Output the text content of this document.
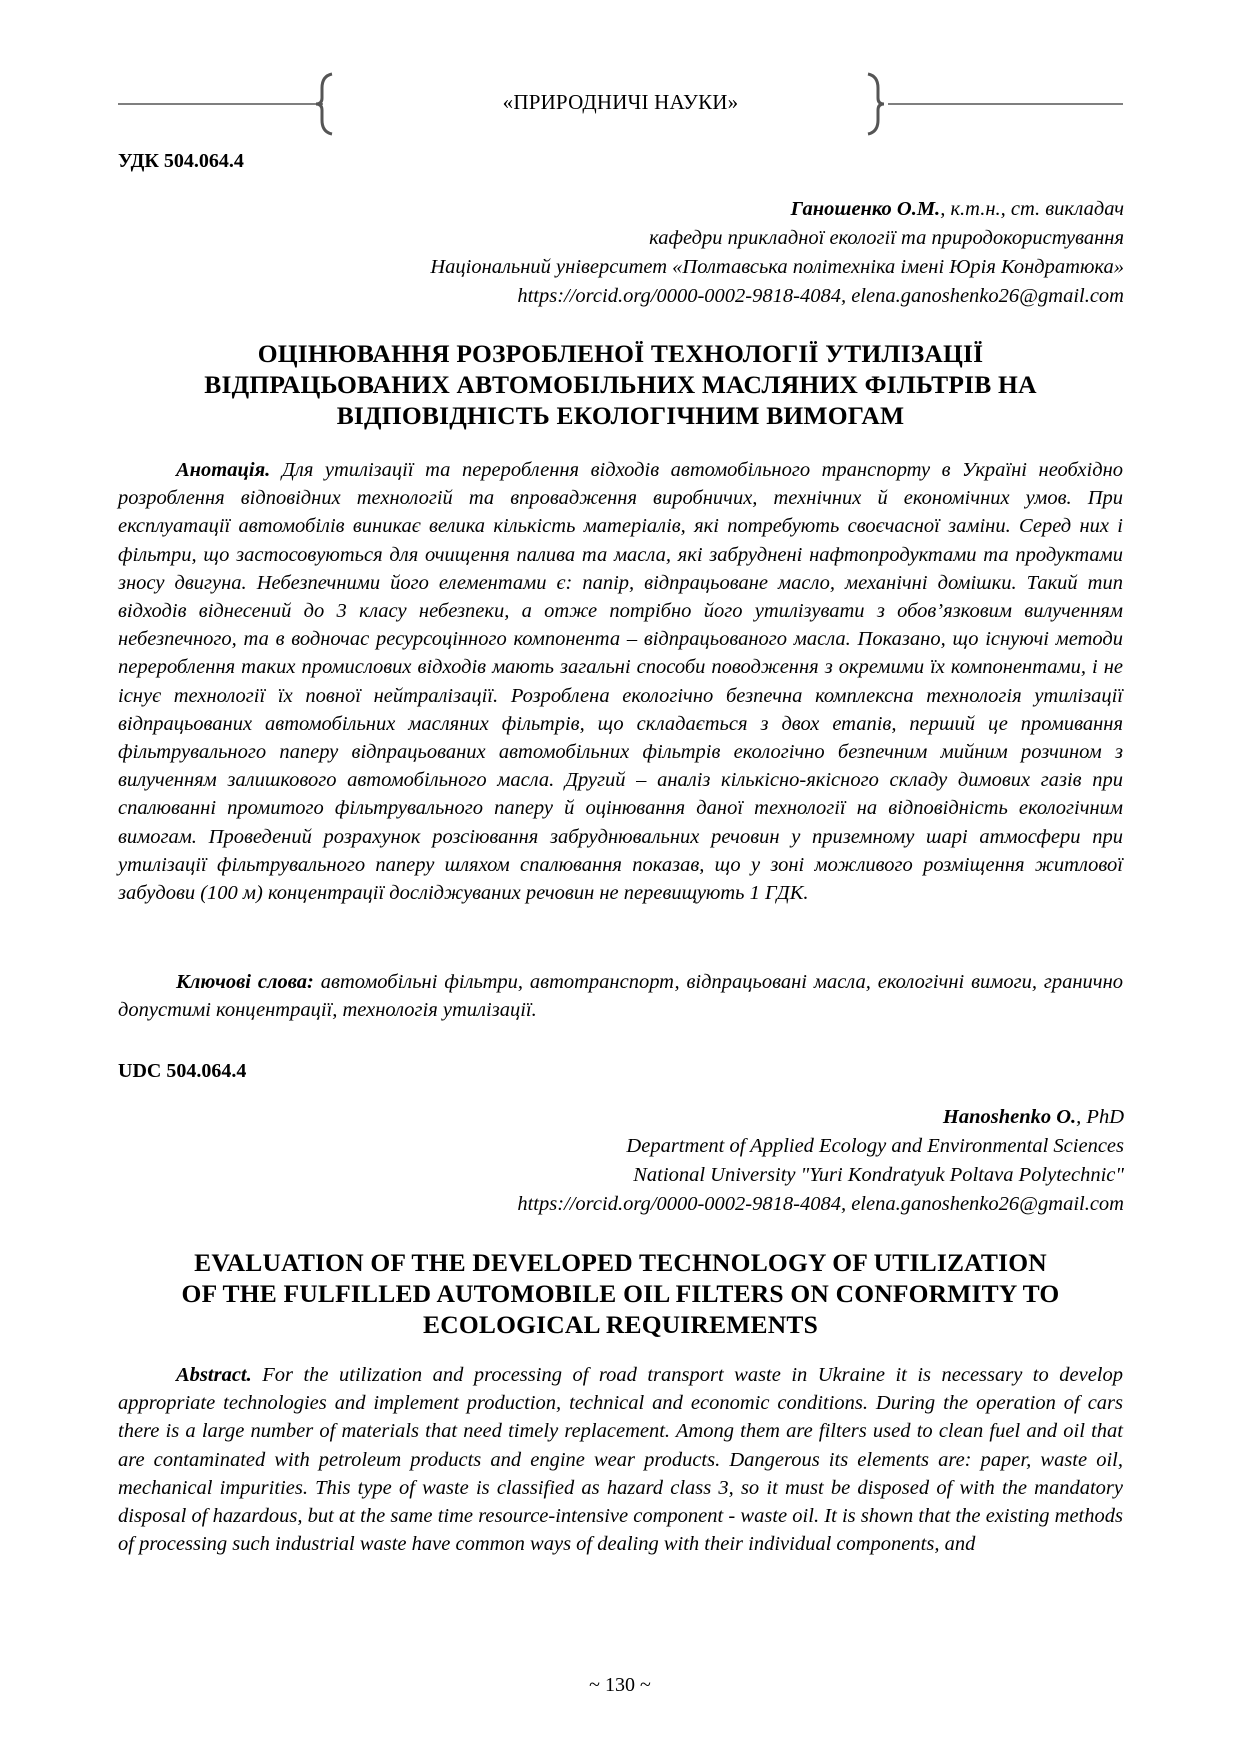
«ПРИРОДНИЧІ НАУКИ»
УДК 504.064.4
Ганошенко О.М., к.т.н., ст. викладач
кафедри прикладної екології та природокористування
Національний університет «Полтавська політехніка імені Юрія Кондратюка»
https://orcid.org/0000-0002-9818-4084, elena.ganoshenko26@gmail.com
ОЦІНЮВАННЯ РОЗРОБЛЕНОЇ ТЕХНОЛОГІЇ УТИЛІЗАЦІЇ
ВІДПРАЦЬОВАНИХ АВТОМОБІЛЬНИХ МАСЛЯНИХ ФІЛЬТРІВ НА
ВІДПОВІДНІСТЬ ЕКОЛОГІЧНИМ ВИМОГАМ

Анотація. Для утилізації та перероблення відходів автомобільного транспорту в Україні необхідно розроблення відповідних технологій та впровадження виробничих, технічних й економічних умов. При експлуатації автомобілів виникає велика кількість матеріалів, які потребують своєчасної заміни. Серед них і фільтри, що застосовуються для очищення палива та масла, які забруднені нафтопродуктами та продуктами зносу двигуна. Небезпечними його елементами є: папір, відпрацьоване масло, механічні домішки. Такий тип відходів віднесений до 3 класу небезпеки, а отже потрібно його утилізувати з обов’язковим вилученням небезпечного, та в водночас ресурсоцінного компонента – відпрацьованого масла. Показано, що існуючі методи перероблення таких промислових відходів мають загальні способи поводження з окремими їх компонентами, і не існує технології їх повної нейтралізації. Розроблена екологічно безпечна комплексна технологія утилізації відпрацьованих автомобільних масляних фільтрів, що складається з двох етапів, перший це промивання фільтрувального паперу відпрацьованих автомобільних фільтрів екологічно безпечним мийним розчином з вилученням залишкового автомобільного масла. Другий – аналіз кількісно-якісного складу димових газів при спалюванні промитого фільтрувального паперу й оцінювання даної технології на відповідність екологічним вимогам. Проведений розрахунок розсіювання забруднювальних речовин у приземному шарі атмосфери при утилізації фільтрувального паперу шляхом спалювання показав, що у зоні можливого розміщення житлової забудови (100 м) концентрації досліджуваних речовин не перевищують 1 ГДК.

Ключові слова: автомобільні фільтри, автотранспорт, відпрацьовані масла, екологічні вимоги, гранично допустимі концентрації, технологія утилізації.

UDC 504.064.4
Hanoshenko O., PhD
Department of Applied Ecology and Environmental Sciences
National University "Yuri Kondratyuk Poltava Polytechnic"
https://orcid.org/0000-0002-9818-4084, elena.ganoshenko26@gmail.com
EVALUATION OF THE DEVELOPED TECHNOLOGY OF UTILIZATION
OF THE FULFILLED AUTOMOBILE OIL FILTERS ON CONFORMITY TO
ECOLOGICAL REQUIREMENTS

Abstract. For the utilization and processing of road transport waste in Ukraine it is necessary to develop appropriate technologies and implement production, technical and economic conditions. During the operation of cars there is a large number of materials that need timely replacement. Among them are filters used to clean fuel and oil that are contaminated with petroleum products and engine wear products. Dangerous its elements are: paper, waste oil, mechanical impurities. This type of waste is classified as hazard class 3, so it must be disposed of with the mandatory disposal of hazardous, but at the same time resource-intensive component - waste oil. It is shown that the existing methods of processing such industrial waste have common ways of dealing with their individual components, and

~ 130 ~
